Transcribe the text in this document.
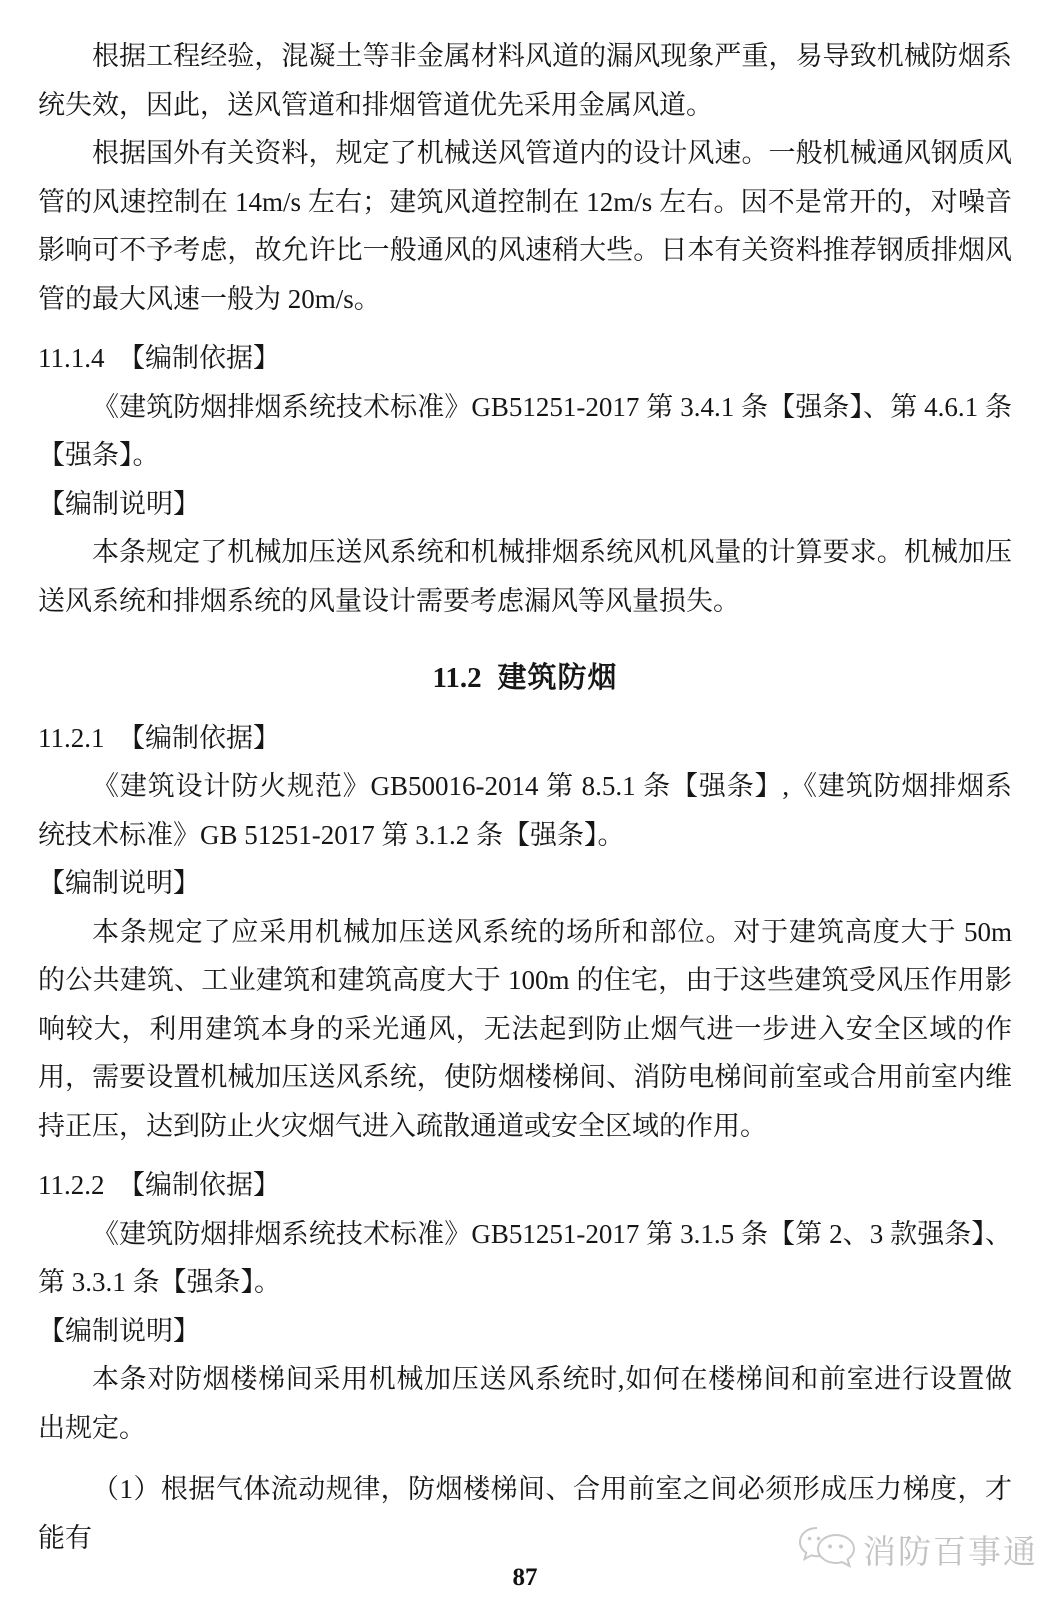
根据工程经验，混凝土等非金属材料风道的漏风现象严重，易导致机械防烟系统失效，因此，送风管道和排烟管道优先采用金属风道。
根据国外有关资料，规定了机械送风管道内的设计风速。一般机械通风钢质风管的风速控制在 14m/s 左右；建筑风道控制在 12m/s 左右。因不是常开的，对噪音影响可不予考虑，故允许比一般通风的风速稍大些。日本有关资料推荐钢质排烟风管的最大风速一般为 20m/s。
11.1.4　【编制依据】
《建筑防烟排烟系统技术标准》GB51251-2017 第 3.4.1 条【强条】、第 4.6.1 条【强条】。
【编制说明】
本条规定了机械加压送风系统和机械排烟系统风机风量的计算要求。机械加压送风系统和排烟系统的风量设计需要考虑漏风等风量损失。
11.2 建筑防烟
11.2.1　【编制依据】
《建筑设计防火规范》GB50016-2014 第 8.5.1 条【强条】,《建筑防烟排烟系统技术标准》GB 51251-2017 第 3.1.2 条【强条】。
【编制说明】
本条规定了应采用机械加压送风系统的场所和部位。对于建筑高度大于 50m 的公共建筑、工业建筑和建筑高度大于 100m 的住宅，由于这些建筑受风压作用影响较大，利用建筑本身的采光通风，无法起到防止烟气进一步进入安全区域的作用，需要设置机械加压送风系统，使防烟楼梯间、消防电梯间前室或合用前室内维持正压，达到防止火灾烟气进入疏散通道或安全区域的作用。
11.2.2　【编制依据】
《建筑防烟排烟系统技术标准》GB51251-2017 第 3.1.5 条【第 2、3 款强条】、第 3.3.1 条【强条】。
【编制说明】
本条对防烟楼梯间采用机械加压送风系统时,如何在楼梯间和前室进行设置做出规定。
（1）根据气体流动规律，防烟楼梯间、合用前室之间必须形成压力梯度，才能有	消防百事通
87
